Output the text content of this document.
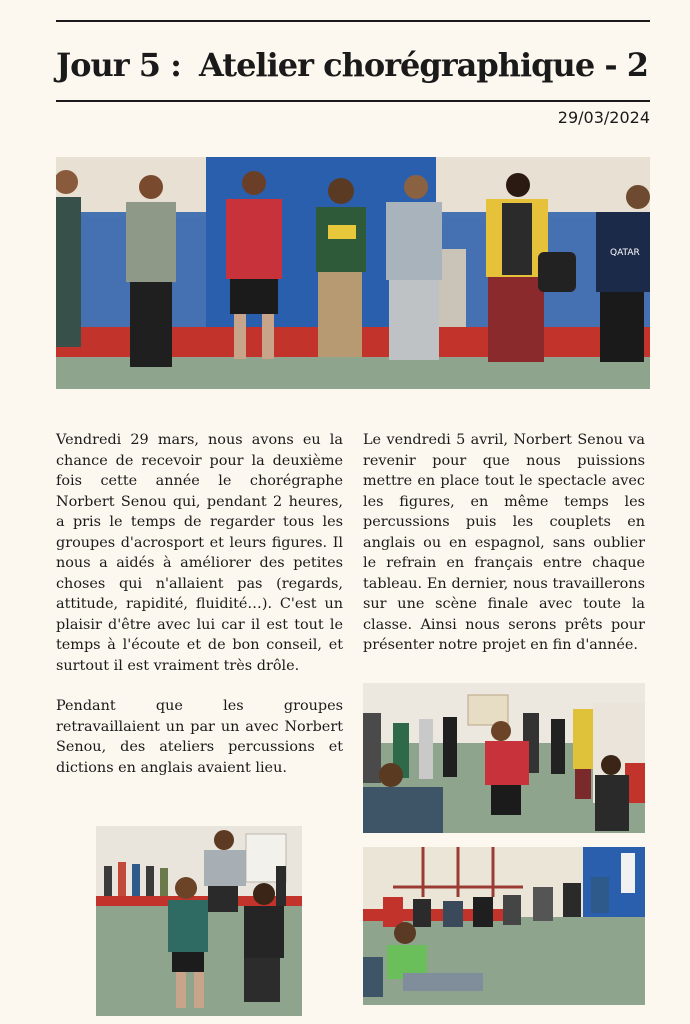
Jour 5 : Atelier chorégraphique - 2
29/03/2024
QATAR

Vendredi 29 mars, nous avons eu la chance de recevoir pour la deuxième fois cette année le chorégraphe Norbert Senou qui, pendant 2 heures, a pris le temps de regarder tous les groupes d'acrosport et leurs figures. Il nous a aidés à améliorer des petites choses qui n'allaient pas (regards, attitude, rapidité, fluidité…). C'est un plaisir d'être avec lui car il est tout le temps à l'écoute et de bon conseil, et surtout il est vraiment très drôle.

Pendant que les groupes retravaillaient un par un avec Norbert Senou, des ateliers percussions et dictions en anglais avaient lieu.

Le vendredi 5 avril, Norbert Senou va revenir pour que nous puissions mettre en place tout le spectacle avec les figures, en même temps les percussions puis les couplets en anglais ou en espagnol, sans oublier le refrain en français entre chaque tableau. En dernier, nous travaillerons sur une scène finale avec toute la classe. Ainsi nous serons prêts pour présenter notre projet en fin d'année.
